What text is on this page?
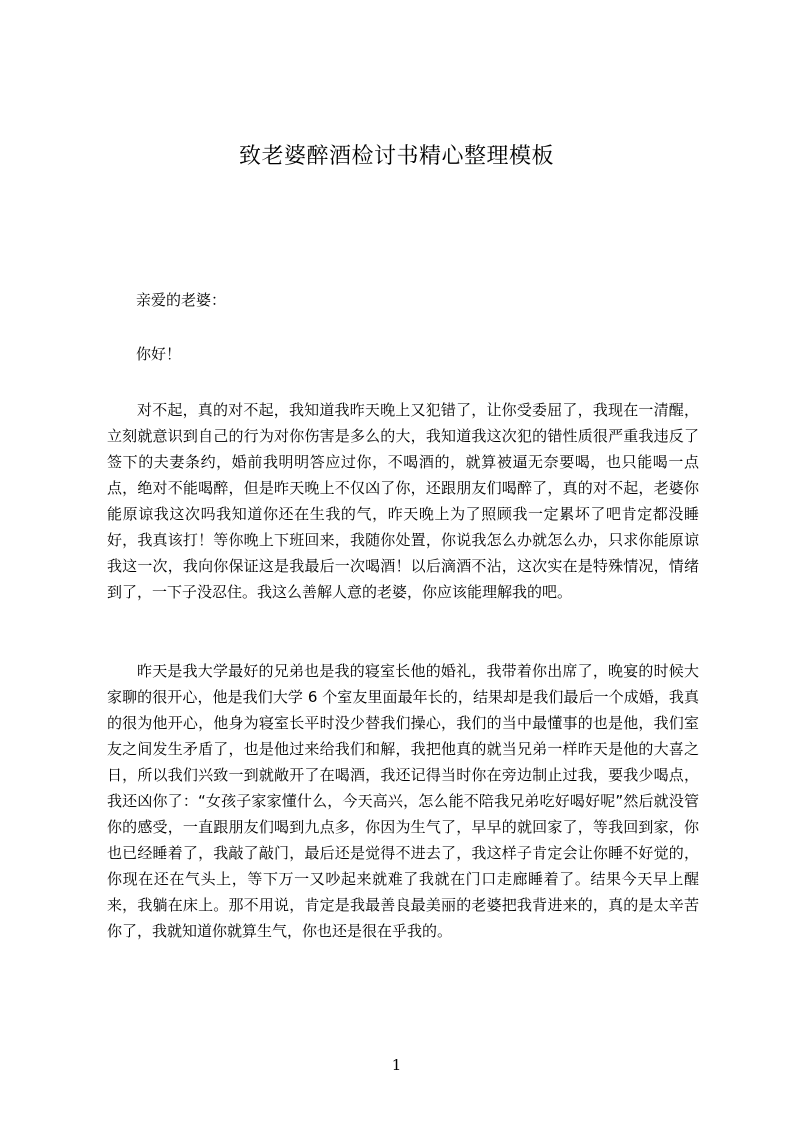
致老婆醉酒检讨书精心整理模板

亲爱的老婆：

你好！

对不起，真的对不起，我知道我昨天晚上又犯错了，让你受委屈了，我现在一清醒，立刻就意识到自己的行为对你伤害是多么的大，我知道我这次犯的错性质很严重我违反了签下的夫妻条约，婚前我明明答应过你，不喝酒的，就算被逼无奈要喝，也只能喝一点点，绝对不能喝醉，但是昨天晚上不仅凶了你，还跟朋友们喝醉了，真的对不起，老婆你能原谅我这次吗我知道你还在生我的气，昨天晚上为了照顾我一定累坏了吧肯定都没睡好，我真该打！等你晚上下班回来，我随你处置，你说我怎么办就怎么办，只求你能原谅我这一次，我向你保证这是我最后一次喝酒！以后滴酒不沾，这次实在是特殊情况，情绪到了，一下子没忍住。我这么善解人意的老婆，你应该能理解我的吧。

昨天是我大学最好的兄弟也是我的寝室长他的婚礼，我带着你出席了，晚宴的时候大家聊的很开心，他是我们大学 6 个室友里面最年长的，结果却是我们最后一个成婚，我真的很为他开心，他身为寝室长平时没少替我们操心，我们的当中最懂事的也是他，我们室友之间发生矛盾了，也是他过来给我们和解，我把他真的就当兄弟一样昨天是他的大喜之日，所以我们兴致一到就敞开了在喝酒，我还记得当时你在旁边制止过我，要我少喝点，我还凶你了：“女孩子家家懂什么，今天高兴，怎么能不陪我兄弟吃好喝好呢”然后就没管你的感受，一直跟朋友们喝到九点多，你因为生气了，早早的就回家了，等我回到家，你也已经睡着了，我敲了敲门，最后还是觉得不进去了，我这样子肯定会让你睡不好觉的，你现在还在气头上，等下万一又吵起来就难了我就在门口走廊睡着了。结果今天早上醒来，我躺在床上。那不用说，肯定是我最善良最美丽的老婆把我背进来的，真的是太辛苦你了，我就知道你就算生气，你也还是很在乎我的。

1
